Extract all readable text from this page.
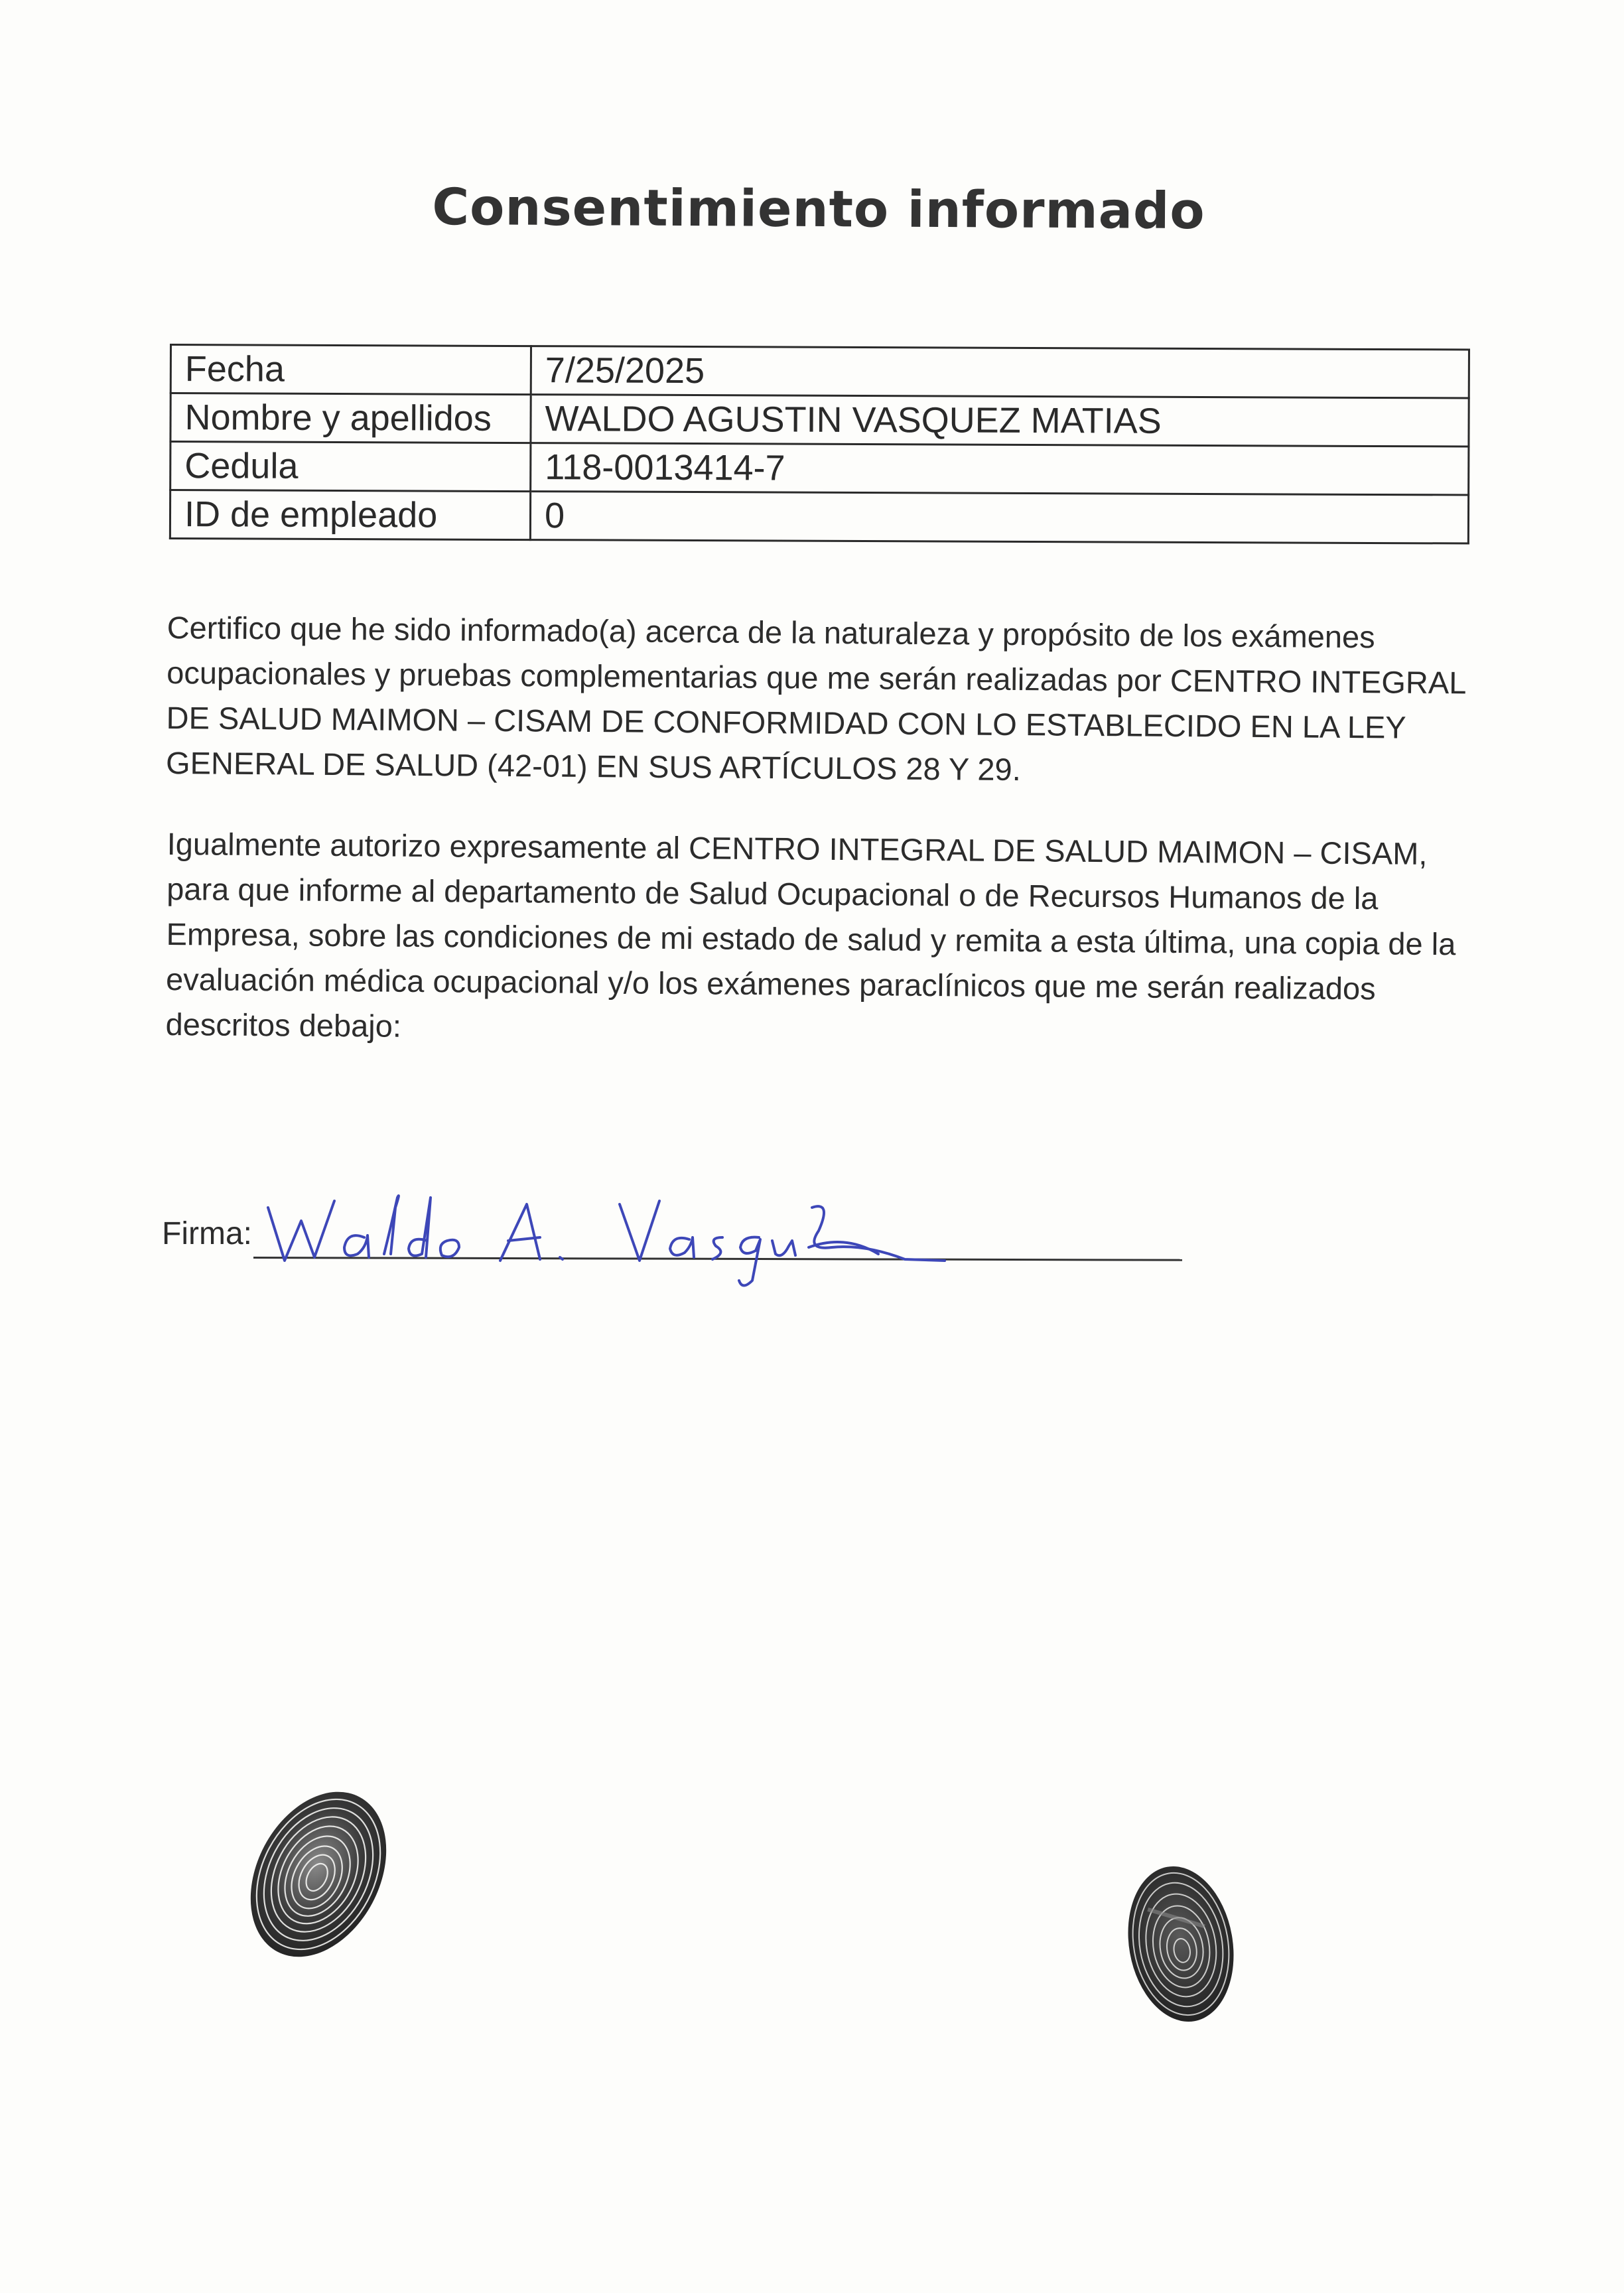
Consentimiento informado
Fecha	7/25/2025
Nombre y apellidos	WALDO AGUSTIN VASQUEZ MATIAS
Cedula	118-0013414-7
ID de empleado	0

Certifico que he sido informado(a) acerca de la naturaleza y propósito de los exámenes ocupacionales y pruebas complementarias que me serán realizadas por CENTRO INTEGRAL DE SALUD MAIMON – CISAM DE CONFORMIDAD CON LO ESTABLECIDO EN LA LEY GENERAL DE SALUD (42-01) EN SUS ARTÍCULOS 28 Y 29.

Igualmente autorizo expresamente al CENTRO INTEGRAL DE SALUD MAIMON – CISAM, para que informe al departamento de Salud Ocupacional o de Recursos Humanos de la Empresa, sobre las condiciones de mi estado de salud y remita a esta última, una copia de la evaluación médica ocupacional y/o los exámenes paraclínicos que me serán realizados descritos debajo:

Firma:
